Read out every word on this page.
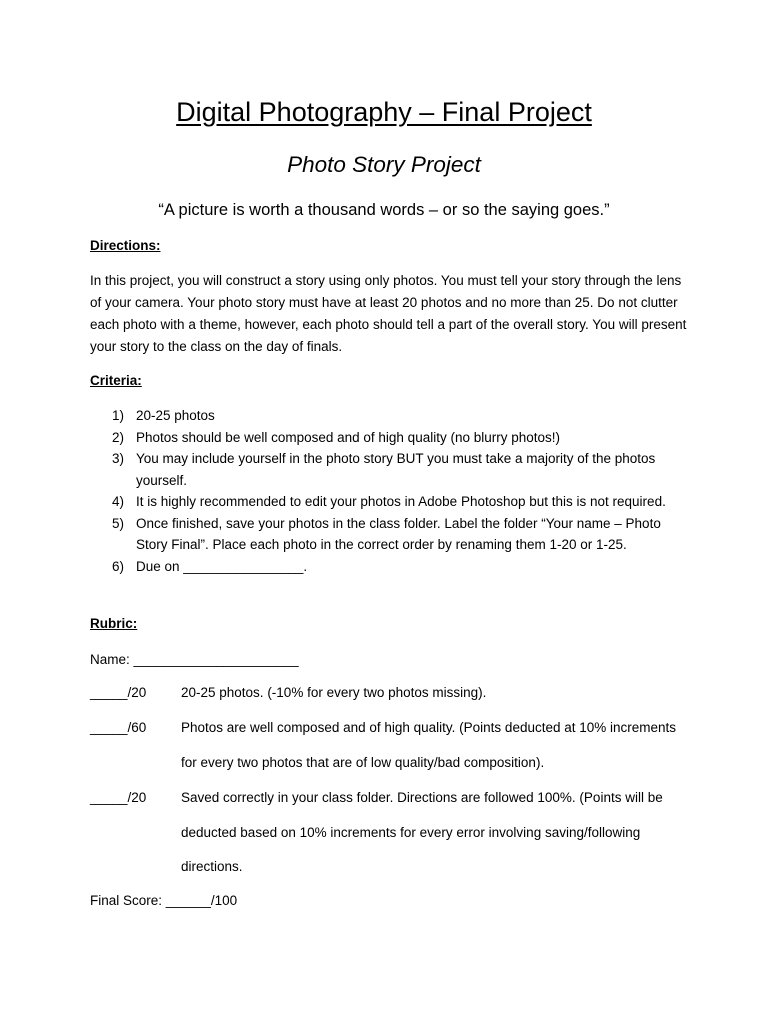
Digital Photography – Final Project
Photo Story Project
“A picture is worth a thousand words – or so the saying goes.”
Directions:
In this project, you will construct a story using only photos. You must tell your story through the lens of your camera. Your photo story must have at least 20 photos and no more than 25. Do not clutter each photo with a theme, however, each photo should tell a part of the overall story. You will present your story to the class on the day of finals.
Criteria:
1) 20-25 photos
2) Photos should be well composed and of high quality (no blurry photos!)
3) You may include yourself in the photo story BUT you must take a majority of the photos yourself.
4) It is highly recommended to edit your photos in Adobe Photoshop but this is not required.
5) Once finished, save your photos in the class folder. Label the folder “Your name – Photo Story Final”. Place each photo in the correct order by renaming them 1-20 or 1-25.
6) Due on ________________.
Rubric:
Name: ______________________
_____/20	20-25 photos. (-10% for every two photos missing).
_____/60	Photos are well composed and of high quality. (Points deducted at 10% increments for every two photos that are of low quality/bad composition).
_____/20	Saved correctly in your class folder. Directions are followed 100%. (Points will be deducted based on 10% increments for every error involving saving/following directions.
Final Score: ______/100
